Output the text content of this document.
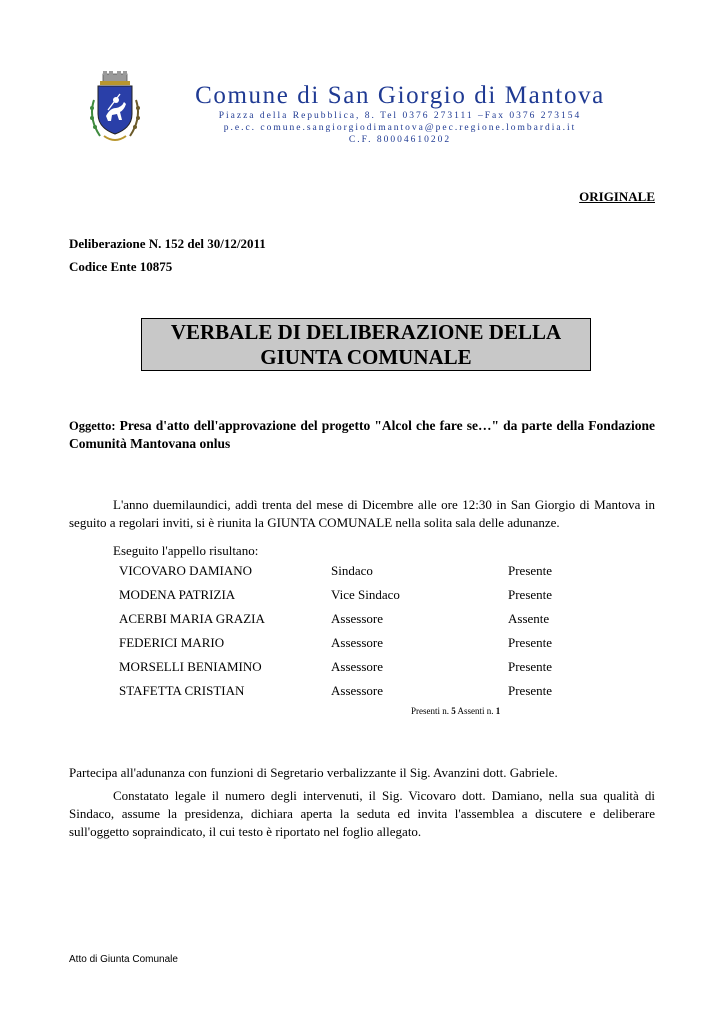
Comune di San Giorgio di Mantova
Piazza della Repubblica, 8. Tel 0376 273111 –Fax 0376 273154
p.e.c. comune.sangiorgiodimantova@pec.regione.lombardia.it
C.F. 80004610202
ORIGINALE
Deliberazione N. 152 del 30/12/2011
Codice Ente 10875
VERBALE DI DELIBERAZIONE DELLA
GIUNTA COMUNALE
Oggetto: Presa d'atto dell'approvazione del progetto "Alcol che fare se…" da parte della Fondazione Comunità Mantovana onlus
L'anno duemilaundici, addì trenta del mese di Dicembre alle ore 12:30 in San Giorgio di Mantova in seguito a regolari inviti, si è riunita la GIUNTA COMUNALE nella solita sala delle adunanze.
Eseguito l'appello risultano:
VICOVARO DAMIANO	Sindaco	Presente
MODENA PATRIZIA	Vice Sindaco	Presente
ACERBI MARIA GRAZIA	Assessore	Assente
FEDERICI MARIO	Assessore	Presente
MORSELLI BENIAMINO	Assessore	Presente
STAFETTA CRISTIAN	Assessore	Presente
Presenti n. 5 Assenti n. 1
Partecipa all'adunanza con funzioni di Segretario verbalizzante il Sig. Avanzini dott. Gabriele.
Constatato legale il numero degli intervenuti, il Sig. Vicovaro dott. Damiano, nella sua qualità di Sindaco, assume la presidenza, dichiara aperta la seduta ed invita l'assemblea a discutere e deliberare sull'oggetto sopraindicato, il cui testo è riportato nel foglio allegato.
Atto di Giunta Comunale
